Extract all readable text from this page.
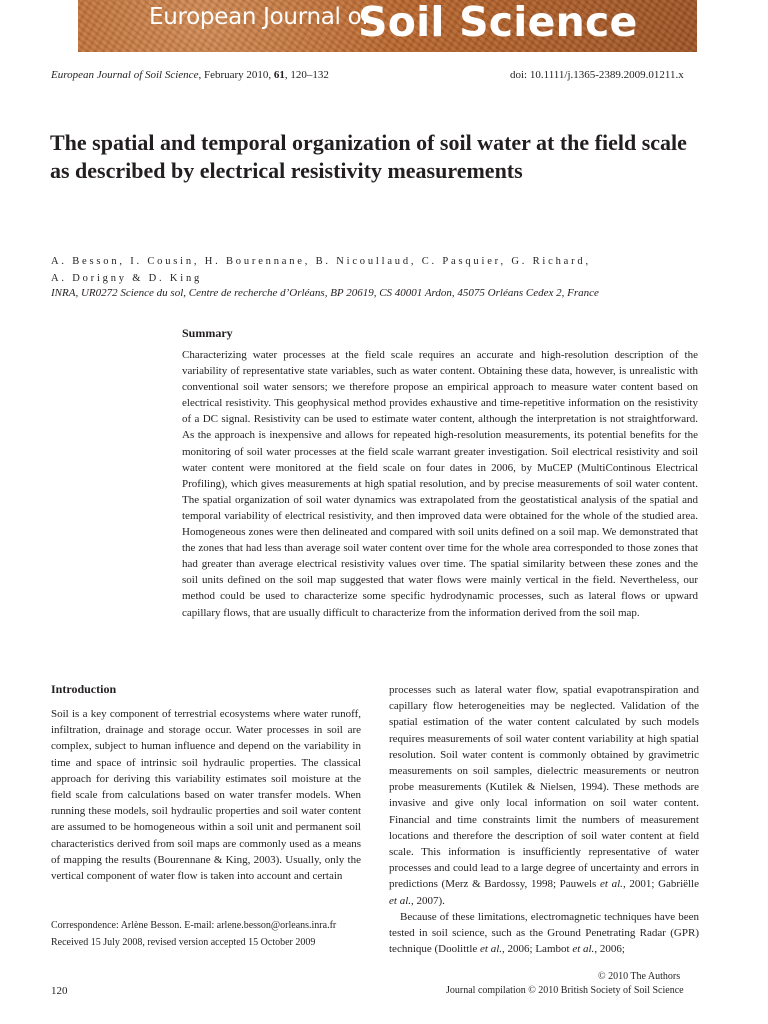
European Journal of
Soil Science
European Journal of Soil Science, February 2010, 61, 120–132	doi: 10.1111/j.1365-2389.2009.01211.x
The spatial and temporal organization of soil water at the field scale as described by electrical resistivity measurements
A. Besson, I. Cousin, H. Bourennane, B. Nicoullaud, C. Pasquier, G. Richard,
A. Dorigny & D. King
INRA, UR0272 Science du sol, Centre de recherche d’Orléans, BP 20619, CS 40001 Ardon, 45075 Orléans Cedex 2, France
Summary

Characterizing water processes at the field scale requires an accurate and high-resolution description of the variability of representative state variables, such as water content. Obtaining these data, however, is unrealistic with conventional soil water sensors; we therefore propose an empirical approach to measure water content based on electrical resistivity. This geophysical method provides exhaustive and time-repetitive information on the resistivity of a DC signal. Resistivity can be used to estimate water content, although the interpretation is not straightforward. As the approach is inexpensive and allows for repeated high-resolution measurements, its potential benefits for the monitoring of soil water processes at the field scale warrant greater investigation. Soil electrical resistivity and soil water content were monitored at the field scale on four dates in 2006, by MuCEP (MultiContinous Electrical Profiling), which gives measurements at high spatial resolution, and by precise measurements of soil water content. The spatial organization of soil water dynamics was extrapolated from the geostatistical analysis of the spatial and temporal variability of electrical resistivity, and then improved data were obtained for the whole of the studied area. Homogeneous zones were then delineated and compared with soil units defined on a soil map. We demonstrated that the zones that had less than average soil water content over time for the whole area corresponded to those zones that had greater than average electrical resistivity values over time. The spatial similarity between these zones and the soil units defined on the soil map suggested that water flows were mainly vertical in the field. Nevertheless, our method could be used to characterize some specific hydrodynamic processes, such as lateral flows or upward capillary flows, that are usually difficult to characterize from the information derived from the soil map.

Introduction

Soil is a key component of terrestrial ecosystems where water runoff, infiltration, drainage and storage occur. Water processes in soil are complex, subject to human influence and depend on the variability in time and space of intrinsic soil hydraulic properties. The classical approach for deriving this variability estimates soil moisture at the field scale from calculations based on water transfer models. When running these models, soil hydraulic properties and soil water content are assumed to be homogeneous within a soil unit and permanent soil characteristics derived from soil maps are commonly used as a means of mapping the results (Bourennane & King, 2003). Usually, only the vertical component of water flow is taken into account and certain

processes such as lateral water flow, spatial evapotranspiration and capillary flow heterogeneities may be neglected. Validation of the spatial estimation of the water content calculated by such models requires measurements of soil water content variability at high spatial resolution. Soil water content is commonly obtained by gravimetric measurements on soil samples, dielectric measurements or neutron probe measurements (Kutilek & Nielsen, 1994). These methods are invasive and give only local information on soil water content. Financial and time constraints limit the numbers of measurement locations and therefore the description of soil water content at field scale. This information is insufficiently representative of water processes and could lead to a large degree of uncertainty and errors in predictions (Merz & Bardossy, 1998; Pauwels et al., 2001; Gabriëlle et al., 2007).

Because of these limitations, electromagnetic techniques have been tested in soil science, such as the Ground Penetrating Radar (GPR) technique (Doolittle et al., 2006; Lambot et al., 2006;

Correspondence: Arlène Besson. E-mail: arlene.besson@orleans.inra.fr
Received 15 July 2008, revised version accepted 15 October 2009
© 2010 The Authors
120	Journal compilation © 2010 British Society of Soil Science
